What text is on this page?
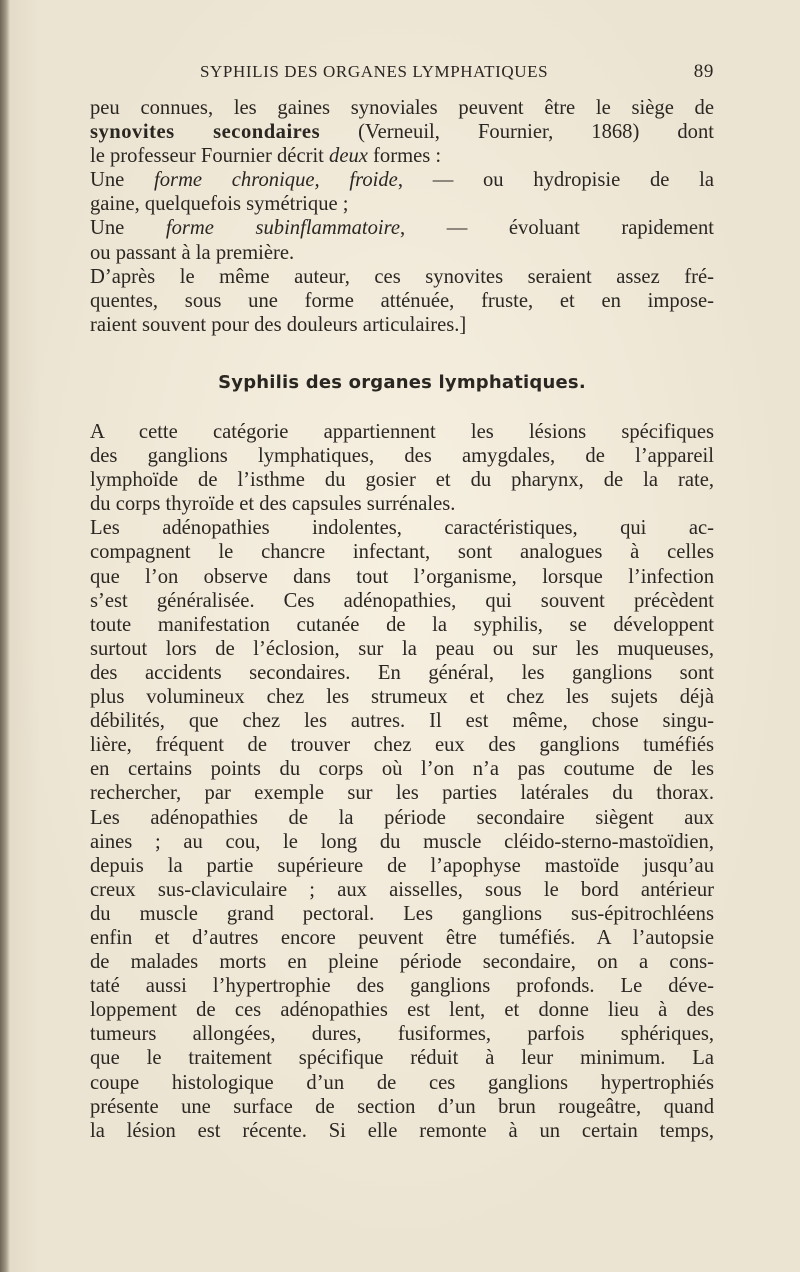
SYPHILIS DES ORGANES LYMPHATIQUES	89
peu connues, les gaines synoviales peuvent être le siège de
synovites secondaires (Verneuil, Fournier, 1868) dont
le professeur Fournier décrit deux formes :
Une forme chronique, froide, — ou hydropisie de la
gaine, quelquefois symétrique ;
Une forme subinflammatoire, — évoluant rapidement
ou passant à la première.
D’après le même auteur, ces synovites seraient assez fré-
quentes, sous une forme atténuée, fruste, et en impose-
raient souvent pour des douleurs articulaires.]
Syphilis des organes lymphatiques.
A cette catégorie appartiennent les lésions spécifiques
des ganglions lymphatiques, des amygdales, de l’appareil
lymphoïde de l’isthme du gosier et du pharynx, de la rate,
du corps thyroïde et des capsules surrénales.
Les adénopathies indolentes, caractéristiques, qui ac-
compagnent le chancre infectant, sont analogues à celles
que l’on observe dans tout l’organisme, lorsque l’infection
s’est généralisée. Ces adénopathies, qui souvent précèdent
toute manifestation cutanée de la syphilis, se développent
surtout lors de l’éclosion, sur la peau ou sur les muqueuses,
des accidents secondaires. En général, les ganglions sont
plus volumineux chez les strumeux et chez les sujets déjà
débilités, que chez les autres. Il est même, chose singu-
lière, fréquent de trouver chez eux des ganglions tuméfiés
en certains points du corps où l’on n’a pas coutume de les
rechercher, par exemple sur les parties latérales du thorax.
Les adénopathies de la période secondaire siègent aux
aines ; au cou, le long du muscle cléido-sterno-mastoïdien,
depuis la partie supérieure de l’apophyse mastoïde jusqu’au
creux sus-claviculaire ; aux aisselles, sous le bord antérieur
du muscle grand pectoral. Les ganglions sus-épitrochléens
enfin et d’autres encore peuvent être tuméfiés. A l’autopsie
de malades morts en pleine période secondaire, on a cons-
taté aussi l’hypertrophie des ganglions profonds. Le déve-
loppement de ces adénopathies est lent, et donne lieu à des
tumeurs allongées, dures, fusiformes, parfois sphériques,
que le traitement spécifique réduit à leur minimum. La
coupe histologique d’un de ces ganglions hypertrophiés
présente une surface de section d’un brun rougeâtre, quand
la lésion est récente. Si elle remonte à un certain temps,
